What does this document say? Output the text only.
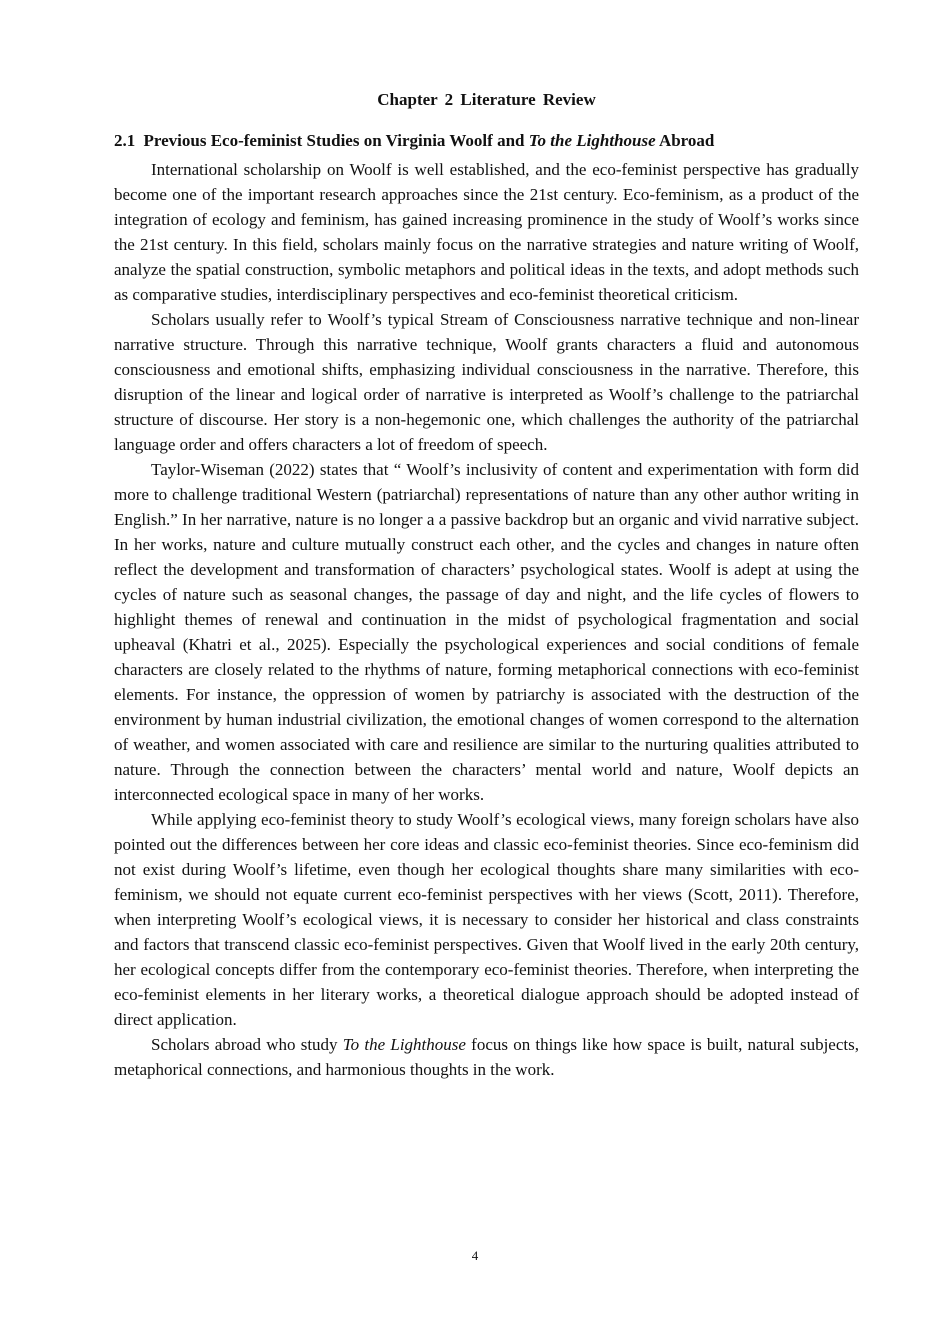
Chapter 2 Literature Review
2.1 Previous Eco-feminist Studies on Virginia Woolf and To the Lighthouse Abroad

International scholarship on Woolf is well established, and the eco-feminist perspective has gradually become one of the important research approaches since the 21st century. Eco-feminism, as a product of the integration of ecology and feminism, has gained increasing prominence in the study of Woolf’s works since the 21st century. In this field, scholars mainly focus on the narrative strategies and nature writing of Woolf, analyze the spatial construction, symbolic metaphors and political ideas in the texts, and adopt methods such as comparative studies, interdisciplinary perspectives and eco-feminist theoretical criticism.

Scholars usually refer to Woolf’s typical Stream of Consciousness narrative technique and non-linear narrative structure. Through this narrative technique, Woolf grants characters a fluid and autonomous consciousness and emotional shifts, emphasizing individual consciousness in the narrative. Therefore, this disruption of the linear and logical order of narrative is interpreted as Woolf’s challenge to the patriarchal structure of discourse. Her story is a non-hegemonic one, which challenges the authority of the patriarchal language order and offers characters a lot of freedom of speech.

Taylor-Wiseman (2022) states that “ Woolf’s inclusivity of content and experimentation with form did more to challenge traditional Western (patriarchal) representations of nature than any other author writing in English.” In her narrative, nature is no longer a a passive backdrop but an organic and vivid narrative subject. In her works, nature and culture mutually construct each other, and the cycles and changes in nature often reflect the development and transformation of characters’ psychological states. Woolf is adept at using the cycles of nature such as seasonal changes, the passage of day and night, and the life cycles of flowers to highlight themes of renewal and continuation in the midst of psychological fragmentation and social upheaval (Khatri et al., 2025). Especially the psychological experiences and social conditions of female characters are closely related to the rhythms of nature, forming metaphorical connections with eco-feminist elements. For instance, the oppression of women by patriarchy is associated with the destruction of the environment by human industrial civilization, the emotional changes of women correspond to the alternation of weather, and women associated with care and resilience are similar to the nurturing qualities attributed to nature. Through the connection between the characters’ mental world and nature, Woolf depicts an interconnected ecological space in many of her works.

While applying eco-feminist theory to study Woolf’s ecological views, many foreign scholars have also pointed out the differences between her core ideas and classic eco-feminist theories. Since eco-feminism did not exist during Woolf’s lifetime, even though her ecological thoughts share many similarities with eco-feminism, we should not equate current eco-feminist perspectives with her views (Scott, 2011). Therefore, when interpreting Woolf’s ecological views, it is necessary to consider her historical and class constraints and factors that transcend classic eco-feminist perspectives. Given that Woolf lived in the early 20th century, her ecological concepts differ from the contemporary eco-feminist theories. Therefore, when interpreting the eco-feminist elements in her literary works, a theoretical dialogue approach should be adopted instead of direct application.

Scholars abroad who study To the Lighthouse focus on things like how space is built, natural subjects, metaphorical connections, and harmonious thoughts in the work.

4
